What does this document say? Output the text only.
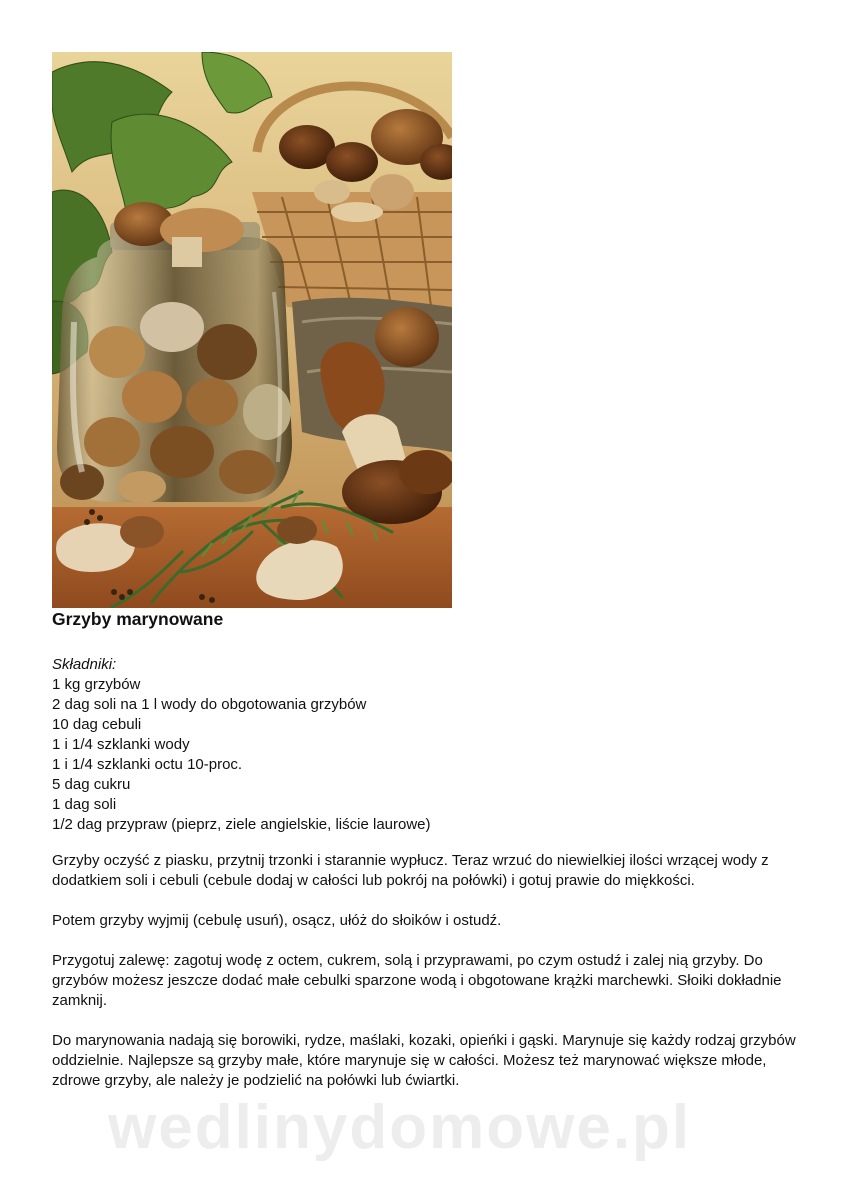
Grzyby marynowane
Składniki:
1 kg grzybów
2 dag soli na 1 l wody do obgotowania grzybów
10 dag cebuli
1 i 1/4 szklanki wody
1 i 1/4 szklanki octu 10-proc.
5 dag cukru
1 dag soli
1/2 dag przypraw (pieprz, ziele angielskie, liście laurowe)

Grzyby oczyść z piasku, przytnij trzonki i starannie wypłucz. Teraz wrzuć do niewielkiej ilości wrzącej wody z dodatkiem soli i cebuli (cebule dodaj w całości lub pokrój na połówki) i gotuj prawie do miękkości.

Potem grzyby wyjmij (cebulę usuń), osącz, ułóż do słoików i ostudź.

Przygotuj zalewę: zagotuj wodę z octem, cukrem, solą i przyprawami, po czym ostudź i zalej nią grzyby. Do grzybów możesz jeszcze dodać małe cebulki sparzone wodą i obgotowane krążki marchewki. Słoiki dokładnie zamknij.

Do marynowania nadają się borowiki, rydze, maślaki, kozaki, opieńki i gąski. Marynuje się każdy rodzaj grzybów oddzielnie. Najlepsze są grzyby małe, które marynuje się w całości. Możesz też marynować większe młode, zdrowe grzyby, ale należy je podzielić na połówki lub ćwiartki.

wedlinydomowe.pl
